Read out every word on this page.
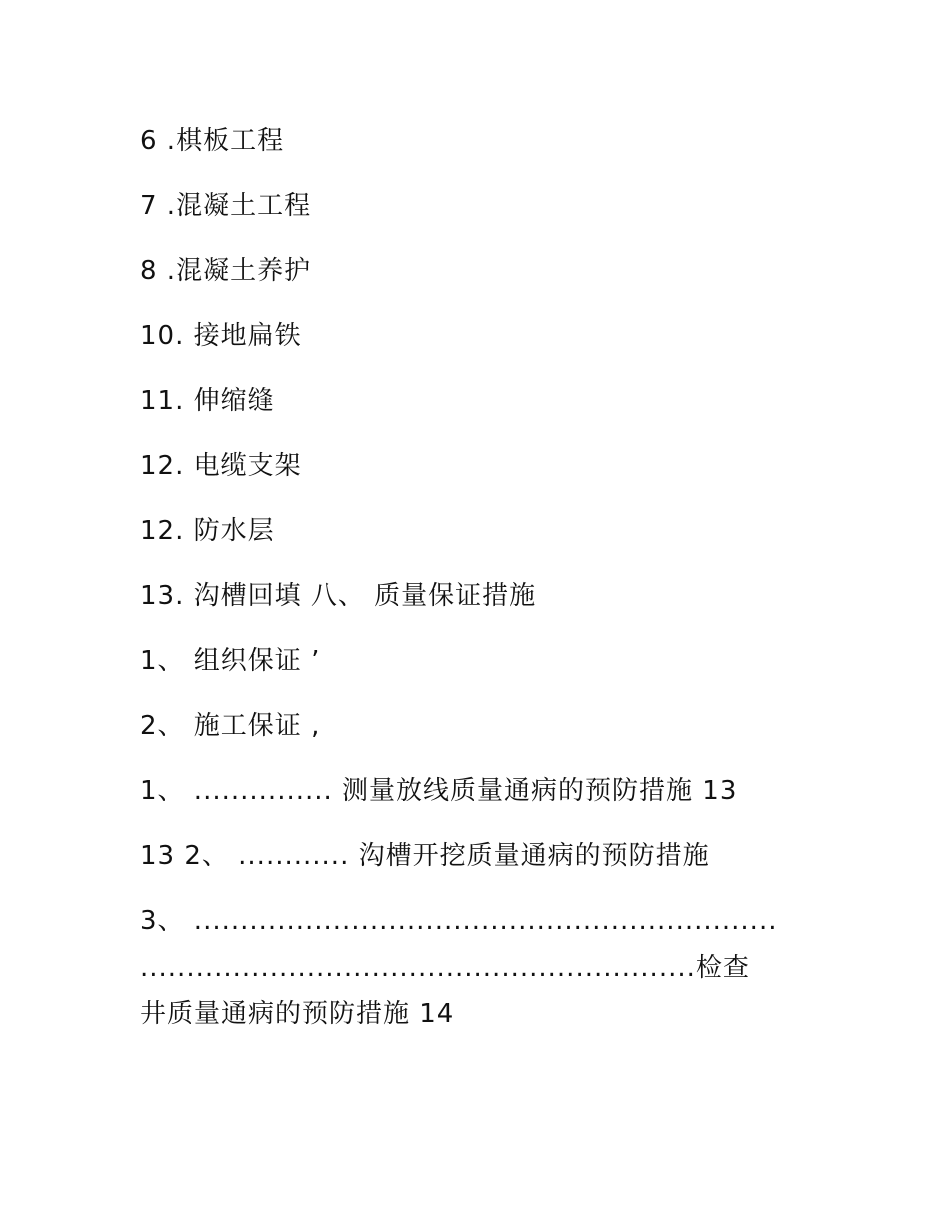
6 .棋板工程
7 .混凝土工程
8 .混凝土养护
10. 接地扁铁
11. 伸缩缝
12. 电缆支架
12. 防水层
13. 沟槽回填 八、 质量保证措施
1、 组织保证 ’
2、 施工保证 ,
1、 ............... 测量放线质量通病的预防措施 13
13 2、 ............ 沟槽开挖质量通病的预防措施
3、 ...............................................................
............................................................检查
井质量通病的预防措施 14
